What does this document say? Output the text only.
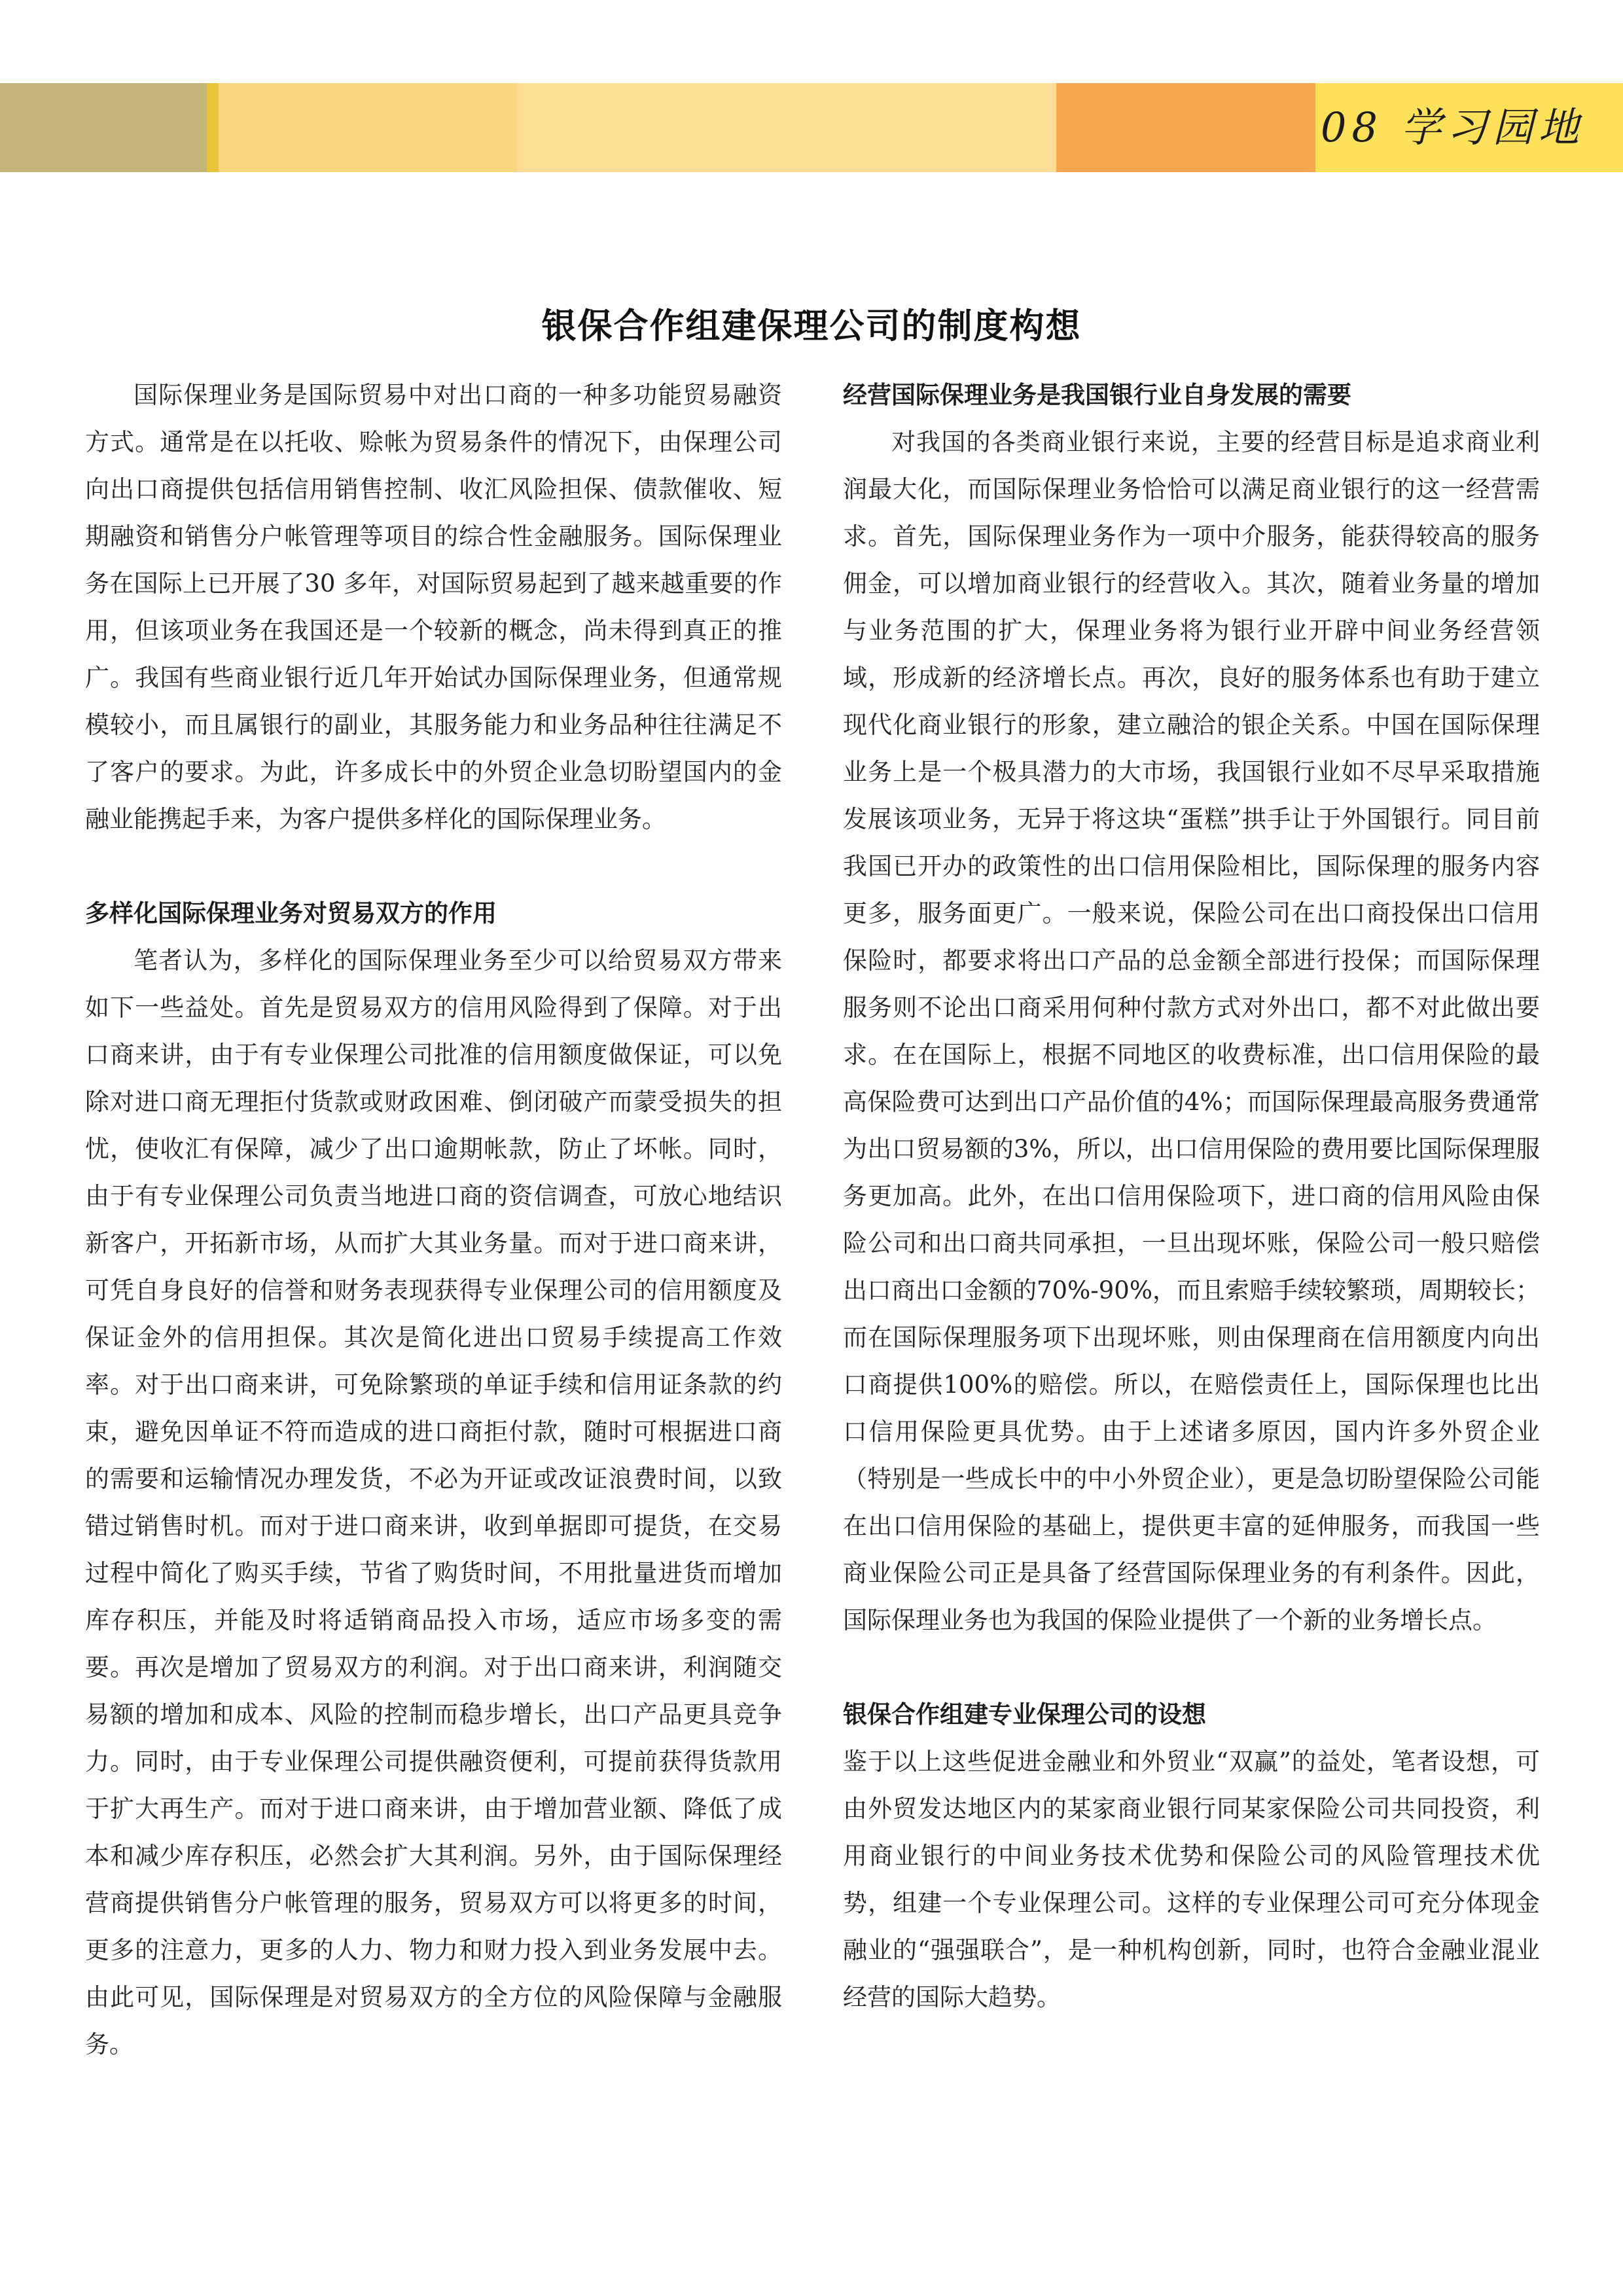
08 学习园地
银保合作组建保理公司的制度构想

国际保理业务是国际贸易中对出口商的一种多功能贸易融资方式。通常是在以托收、赊帐为贸易条件的情况下，由保理公司向出口商提供包括信用销售控制、收汇风险担保、债款催收、短期融资和销售分户帐管理等项目的综合性金融服务。国际保理业务在国际上已开展了30 多年，对国际贸易起到了越来越重要的作用，但该项业务在我国还是一个较新的概念，尚未得到真正的推广。我国有些商业银行近几年开始试办国际保理业务，但通常规模较小，而且属银行的副业，其服务能力和业务品种往往满足不了客户的要求。为此，许多成长中的外贸企业急切盼望国内的金融业能携起手来，为客户提供多样化的国际保理业务。

多样化国际保理业务对贸易双方的作用

笔者认为，多样化的国际保理业务至少可以给贸易双方带来如下一些益处。首先是贸易双方的信用风险得到了保障。对于出口商来讲，由于有专业保理公司批准的信用额度做保证，可以免除对进口商无理拒付货款或财政困难、倒闭破产而蒙受损失的担忧，使收汇有保障，减少了出口逾期帐款，防止了坏帐。同时，由于有专业保理公司负责当地进口商的资信调查，可放心地结识新客户，开拓新市场，从而扩大其业务量。而对于进口商来讲，可凭自身良好的信誉和财务表现获得专业保理公司的信用额度及保证金外的信用担保。其次是简化进出口贸易手续提高工作效率。对于出口商来讲，可免除繁琐的单证手续和信用证条款的约束，避免因单证不符而造成的进口商拒付款，随时可根据进口商的需要和运输情况办理发货，不必为开证或改证浪费时间，以致错过销售时机。而对于进口商来讲，收到单据即可提货，在交易过程中简化了购买手续，节省了购货时间，不用批量进货而增加库存积压，并能及时将适销商品投入市场，适应市场多变的需要。再次是增加了贸易双方的利润。对于出口商来讲，利润随交易额的增加和成本、风险的控制而稳步增长，出口产品更具竞争力。同时，由于专业保理公司提供融资便利，可提前获得货款用于扩大再生产。而对于进口商来讲，由于增加营业额、降低了成本和减少库存积压，必然会扩大其利润。另外，由于国际保理经营商提供销售分户帐管理的服务，贸易双方可以将更多的时间，更多的注意力，更多的人力、物力和财力投入到业务发展中去。由此可见，国际保理是对贸易双方的全方位的风险保障与金融服务。

经营国际保理业务是我国银行业自身发展的需要

对我国的各类商业银行来说，主要的经营目标是追求商业利润最大化，而国际保理业务恰恰可以满足商业银行的这一经营需求。首先，国际保理业务作为一项中介服务，能获得较高的服务佣金，可以增加商业银行的经营收入。其次，随着业务量的增加与业务范围的扩大，保理业务将为银行业开辟中间业务经营领域，形成新的经济增长点。再次，良好的服务体系也有助于建立现代化商业银行的形象，建立融洽的银企关系。中国在国际保理业务上是一个极具潜力的大市场，我国银行业如不尽早采取措施发展该项业务，无异于将这块“蛋糕”拱手让于外国银行。同目前我国已开办的政策性的出口信用保险相比，国际保理的服务内容更多，服务面更广。一般来说，保险公司在出口商投保出口信用保险时，都要求将出口产品的总金额全部进行投保；而国际保理服务则不论出口商采用何种付款方式对外出口，都不对此做出要求。在在国际上，根据不同地区的收费标准，出口信用保险的最高保险费可达到出口产品价值的4%；而国际保理最高服务费通常为出口贸易额的3%，所以，出口信用保险的费用要比国际保理服务更加高。此外，在出口信用保险项下，进口商的信用风险由保险公司和出口商共同承担，一旦出现坏账，保险公司一般只赔偿出口商出口金额的70%-90%，而且索赔手续较繁琐，周期较长；而在国际保理服务项下出现坏账，则由保理商在信用额度内向出口商提供100%的赔偿。所以，在赔偿责任上，国际保理也比出口信用保险更具优势。由于上述诸多原因，国内许多外贸企业（特别是一些成长中的中小外贸企业），更是急切盼望保险公司能在出口信用保险的基础上，提供更丰富的延伸服务，而我国一些商业保险公司正是具备了经营国际保理业务的有利条件。因此，国际保理业务也为我国的保险业提供了一个新的业务增长点。

银保合作组建专业保理公司的设想

鉴于以上这些促进金融业和外贸业“双赢”的益处，笔者设想，可由外贸发达地区内的某家商业银行同某家保险公司共同投资，利用商业银行的中间业务技术优势和保险公司的风险管理技术优势，组建一个专业保理公司。这样的专业保理公司可充分体现金融业的“强强联合”，是一种机构创新，同时，也符合金融业混业经营的国际大趋势。
